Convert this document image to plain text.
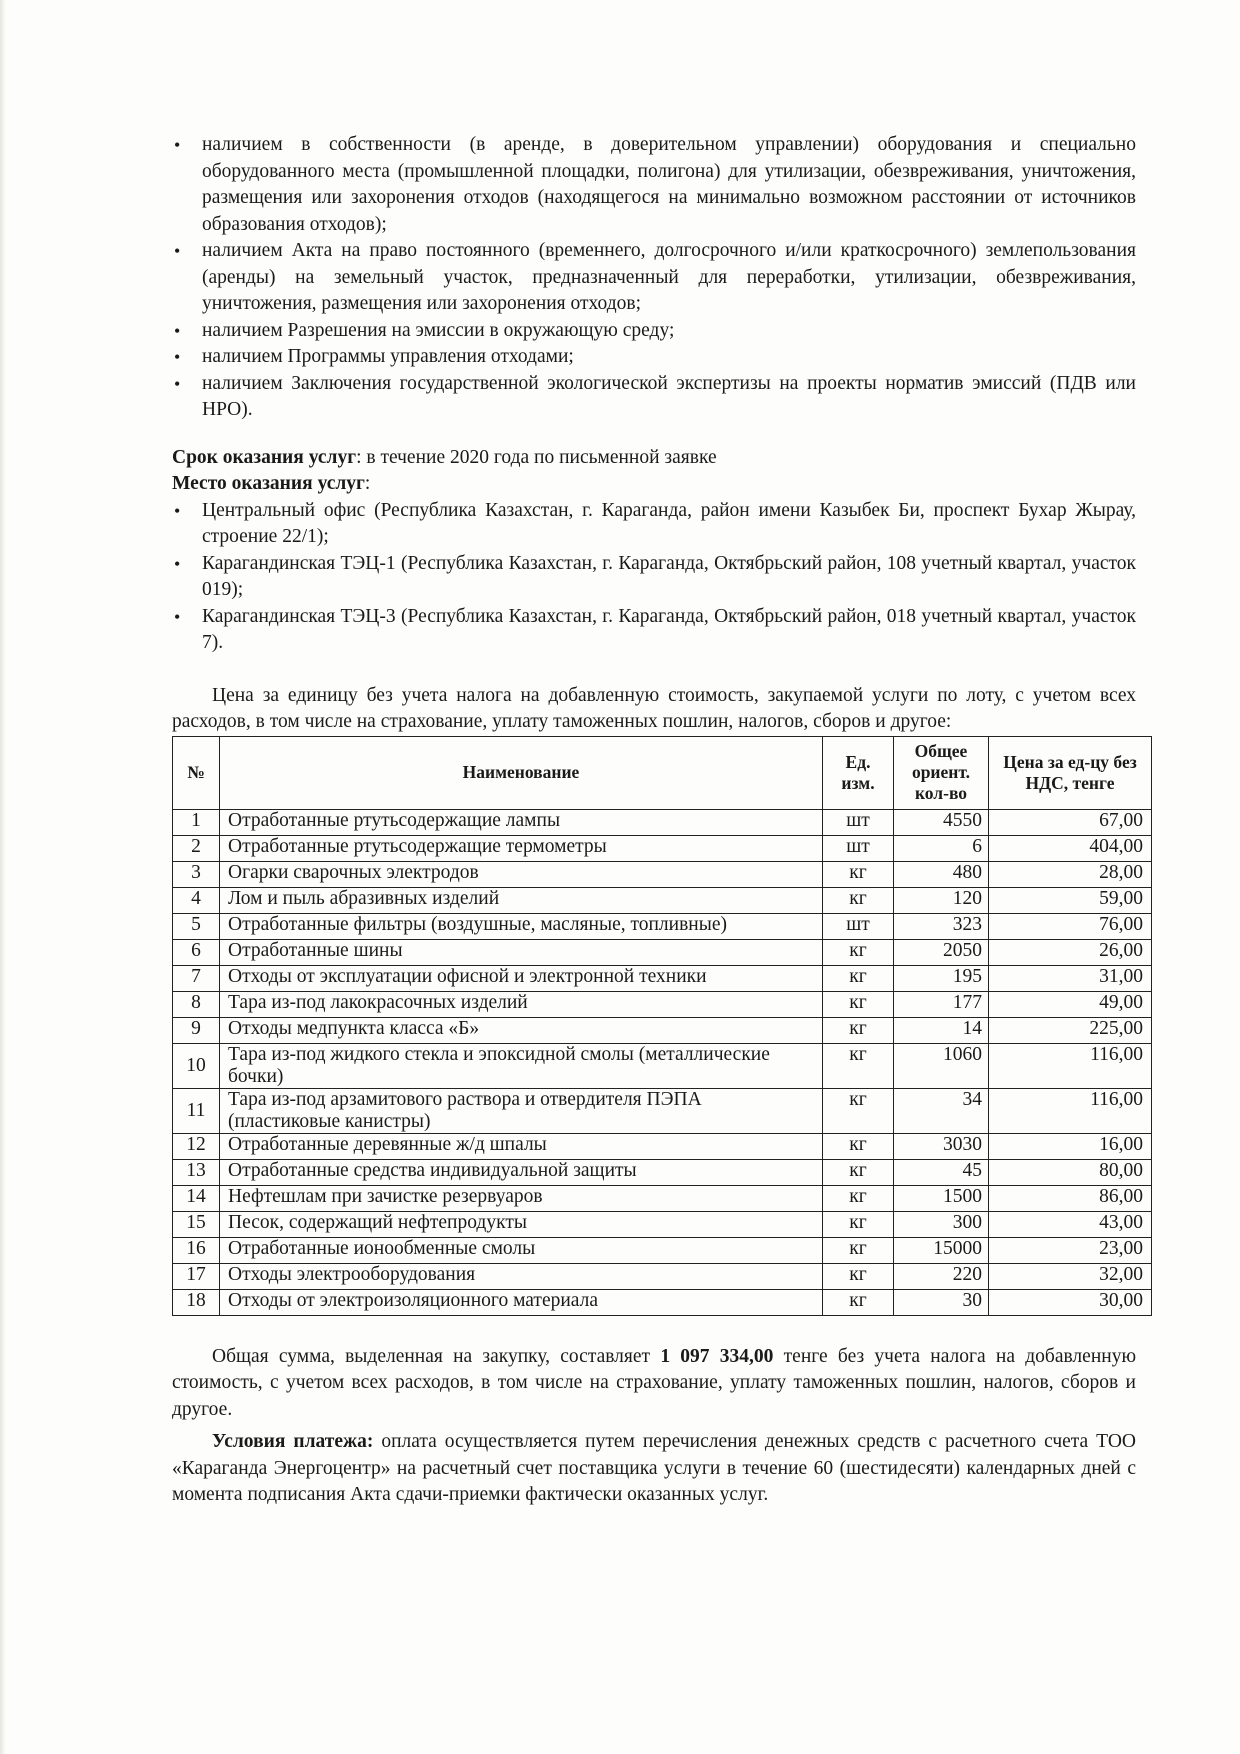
• наличием в собственности (в аренде, в доверительном управлении) оборудования и специально оборудованного места (промышленной площадки, полигона) для утилизации, обезвреживания, уничтожения, размещения или захоронения отходов (находящегося на минимально возможном расстоянии от источников образования отходов);
• наличием Акта на право постоянного (временнего, долгосрочного и/или краткосрочного) землепользования (аренды) на земельный участок, предназначенный для переработки, утилизации, обезвреживания, уничтожения, размещения или захоронения отходов;
• наличием Разрешения на эмиссии в окружающую среду;
• наличием Программы управления отходами;
• наличием Заключения государственной экологической экспертизы на проекты норматив эмиссий (ПДВ или НРО).
Срок оказания услуг: в течение 2020 года по письменной заявке
Место оказания услуг:
• Центральный офис (Республика Казахстан, г. Караганда, район имени Казыбек Би, проспект Бухар Жырау, строение 22/1);
• Карагандинская ТЭЦ-1 (Республика Казахстан, г. Караганда, Октябрьский район, 108 учетный квартал, участок 019);
• Карагандинская ТЭЦ-3 (Республика Казахстан, г. Караганда, Октябрьский район, 018 учетный квартал, участок 7).
Цена за единицу без учета налога на добавленную стоимость, закупаемой услуги по лоту, с учетом всех расходов, в том числе на страхование, уплату таможенных пошлин, налогов, сборов и другое:
№	Наименование	Ед. изм.	Общее ориент. кол-во	Цена за ед-цу без НДС, тенге
1	Отработанные ртутьсодержащие лампы	шт	4550	67,00
2	Отработанные ртутьсодержащие термометры	шт	6	404,00
3	Огарки сварочных электродов	кг	480	28,00
4	Лом и пыль абразивных изделий	кг	120	59,00
5	Отработанные фильтры (воздушные, масляные, топливные)	шт	323	76,00
6	Отработанные шины	кг	2050	26,00
7	Отходы от эксплуатации офисной и электронной техники	кг	195	31,00
8	Тара из-под лакокрасочных изделий	кг	177	49,00
9	Отходы медпункта класса «Б»	кг	14	225,00
10	Тара из-под жидкого стекла и эпоксидной смолы (металлические бочки)	кг	1060	116,00
11	Тара из-под арзамитового раствора и отвердителя ПЭПА (пластиковые канистры)	кг	34	116,00
12	Отработанные деревянные ж/д шпалы	кг	3030	16,00
13	Отработанные средства индивидуальной защиты	кг	45	80,00
14	Нефтешлам при зачистке резервуаров	кг	1500	86,00
15	Песок, содержащий нефтепродукты	кг	300	43,00
16	Отработанные ионообменные смолы	кг	15000	23,00
17	Отходы электрооборудования	кг	220	32,00
18	Отходы от электроизоляционного материала	кг	30	30,00
Общая сумма, выделенная на закупку, составляет 1 097 334,00 тенге без учета налога на добавленную стоимость, с учетом всех расходов, в том числе на страхование, уплату таможенных пошлин, налогов, сборов и другое.
Условия платежа: оплата осуществляется путем перечисления денежных средств с расчетного счета ТОО «Караганда Энергоцентр» на расчетный счет поставщика услуги в течение 60 (шестидесяти) календарных дней с момента подписания Акта сдачи-приемки фактически оказанных услуг.
